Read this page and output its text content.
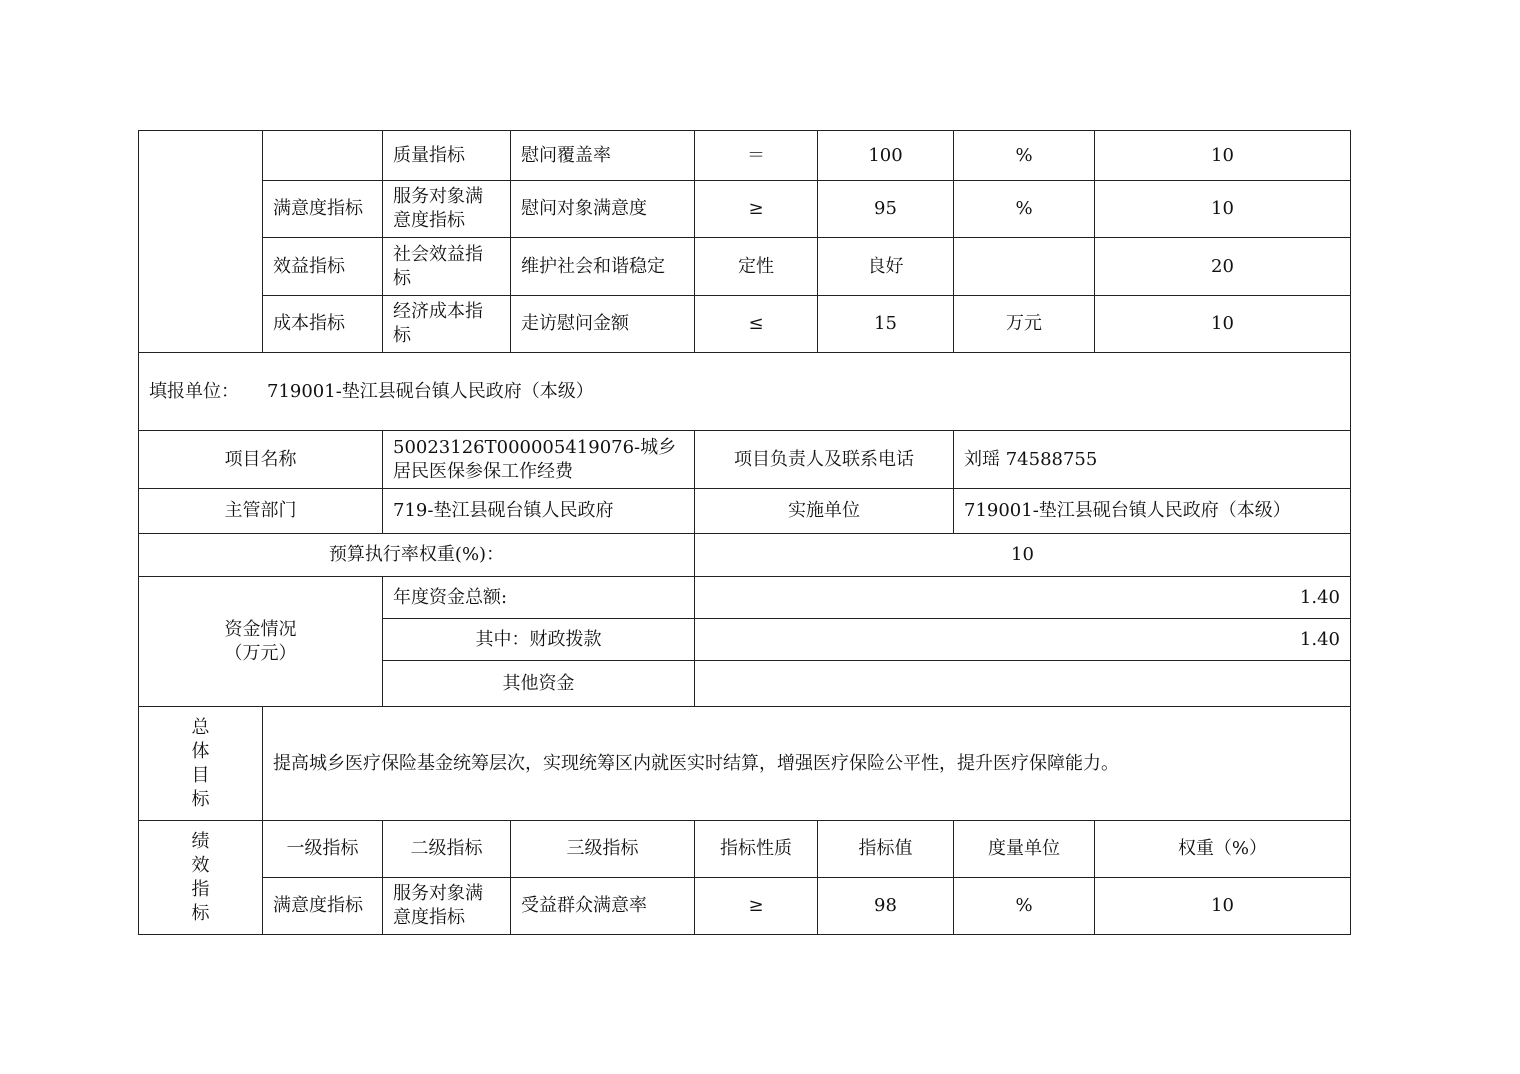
		质量指标	慰问覆盖率	＝	100	%	10
	满意度指标	服务对象满意度指标	慰问对象满意度	≥	95	%	10
	效益指标	社会效益指标	维护社会和谐稳定	定性	良好		20
	成本指标	经济成本指标	走访慰问金额	≤	15	万元	10
填报单位： 719001-垫江县砚台镇人民政府（本级）							
项目名称		50023126T000005419076-城乡居民医保参保工作经费		项目负责人及联系电话		刘瑶 74588755	
主管部门		719-垫江县砚台镇人民政府		实施单位		719001-垫江县砚台镇人民政府（本级）	
预算执行率权重(%)：				10			

资金情况
（万元）		年度资金总额:		1.40			
		其中：财政拨款		1.40			
		其他资金					

总
体
目
标	提高城乡医疗保险基金统筹层次，实现统筹区内就医实时结算，增强医疗保险公平性，提升医疗保障能力。						

绩
效
指
标	一级指标	二级指标	三级指标	指标性质	指标值	度量单位	权重（%）
	满意度指标	服务对象满意度指标	受益群众满意率	≥	98	%	10
